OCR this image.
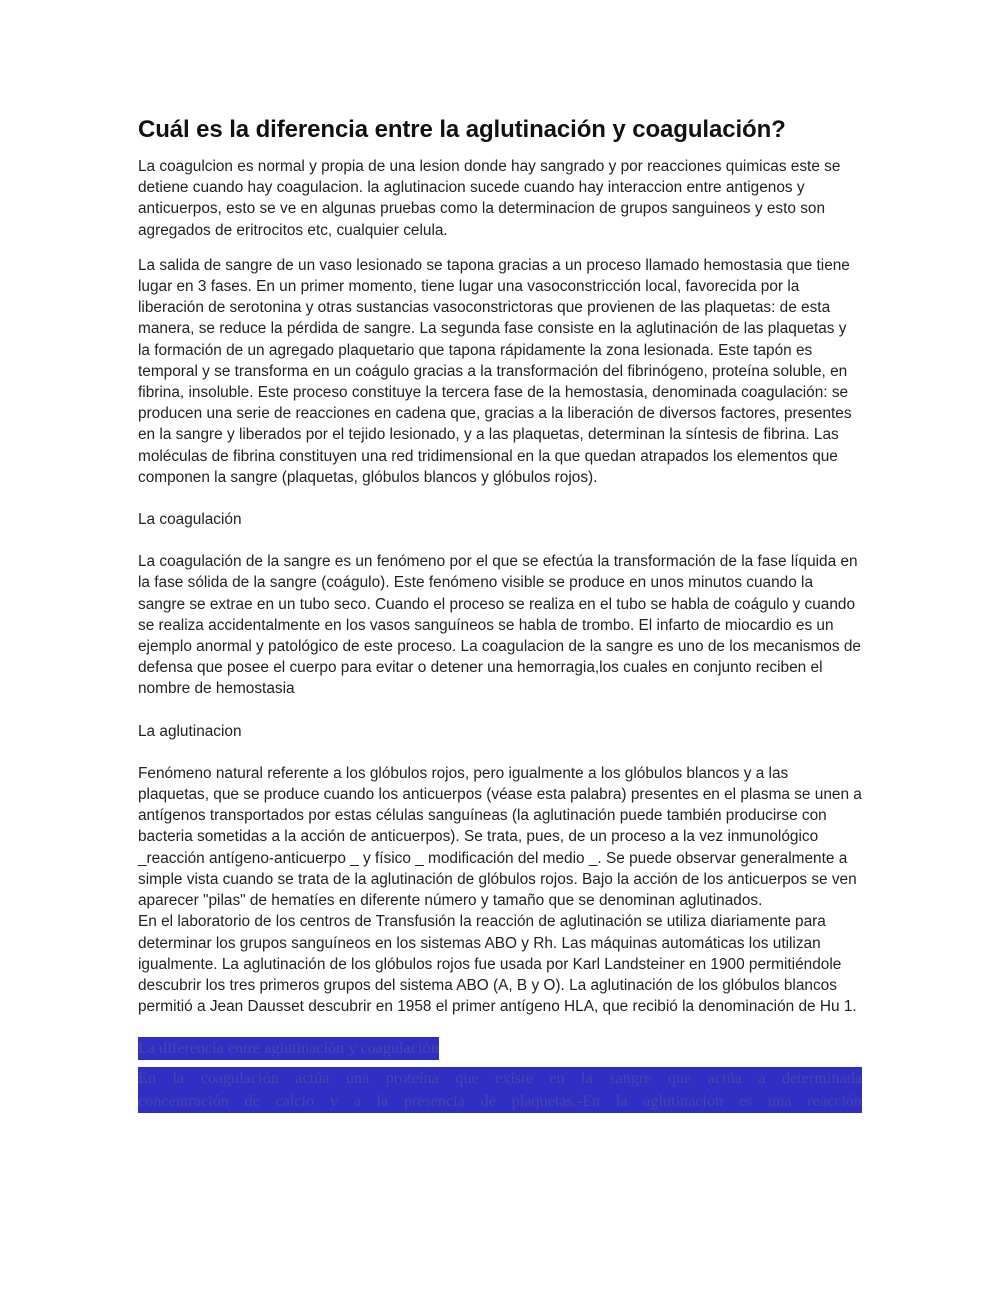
Cuál es la diferencia entre la aglutinación y coagulación?

La coagulcion es normal y propia de una lesion donde hay sangrado y por reacciones quimicas este se detiene cuando hay coagulacion. la aglutinacion sucede cuando hay interaccion entre antigenos y anticuerpos, esto se ve en algunas pruebas como la determinacion de grupos sanguineos y esto son agregados de eritrocitos etc, cualquier celula.

La salida de sangre de un vaso lesionado se tapona gracias a un proceso llamado hemostasia que tiene lugar en 3 fases. En un primer momento, tiene lugar una vasoconstricción local, favorecida por la liberación de serotonina y otras sustancias vasoconstrictoras que provienen de las plaquetas: de esta manera, se reduce la pérdida de sangre. La segunda fase consiste en la aglutinación de las plaquetas y la formación de un agregado plaquetario que tapona rápidamente la zona lesionada. Este tapón es temporal y se transforma en un coágulo gracias a la transformación del fibrinógeno, proteína soluble, en fibrina, insoluble. Este proceso constituye la tercera fase de la hemostasia, denominada coagulación: se producen una serie de reacciones en cadena que, gracias a la liberación de diversos factores, presentes en la sangre y liberados por el tejido lesionado, y a las plaquetas, determinan la síntesis de fibrina. Las moléculas de fibrina constituyen una red tridimensional en la que quedan atrapados los elementos que componen la sangre (plaquetas, glóbulos blancos y glóbulos rojos).

La coagulación

La coagulación de la sangre es un fenómeno por el que se efectúa la transformación de la fase líquida en la fase sólida de la sangre (coágulo). Este fenómeno visible se produce en unos minutos cuando la sangre se extrae en un tubo seco. Cuando el proceso se realiza en el tubo se habla de coágulo y cuando se realiza accidentalmente en los vasos sanguíneos se habla de trombo. El infarto de miocardio es un ejemplo anormal y patológico de este proceso. La coagulacion de la sangre es uno de los mecanismos de defensa que posee el cuerpo para evitar o detener una hemorragia,los cuales en conjunto reciben el nombre de hemostasia

La aglutinacion

Fenómeno natural referente a los glóbulos rojos, pero igualmente a los glóbulos blancos y a las plaquetas, que se produce cuando los anticuerpos (véase esta palabra) presentes en el plasma se unen a antígenos transportados por estas células sanguíneas (la aglutinación puede también producirse con bacteria sometidas a la acción de anticuerpos). Se trata, pues, de un proceso a la vez inmunológico _reacción antígeno-anticuerpo _ y físico _ modificación del medio _. Se puede observar generalmente a simple vista cuando se trata de la aglutinación de glóbulos rojos. Bajo la acción de los anticuerpos se ven aparecer "pilas" de hematíes en diferente número y tamaño que se denominan aglutinados.

En el laboratorio de los centros de Transfusión la reacción de aglutinación se utiliza diariamente para determinar los grupos sanguíneos en los sistemas ABO y Rh. Las máquinas automáticas los utilizan igualmente. La aglutinación de los glóbulos rojos fue usada por Karl Landsteiner en 1900 permitiéndole descubrir los tres primeros grupos del sistema ABO (A, B y O). La aglutinación de los glóbulos blancos permitió a Jean Dausset descubrir en 1958 el primer antígeno HLA, que recibió la denominación de Hu 1.

La diferencia entre aglutinación y coagulación
En la coagulación actúa una proteína que existe en la sangre que actúa a determinada
concentración de calcio y a la presencia de plaquetas.-En la aglutinación es una reacción
